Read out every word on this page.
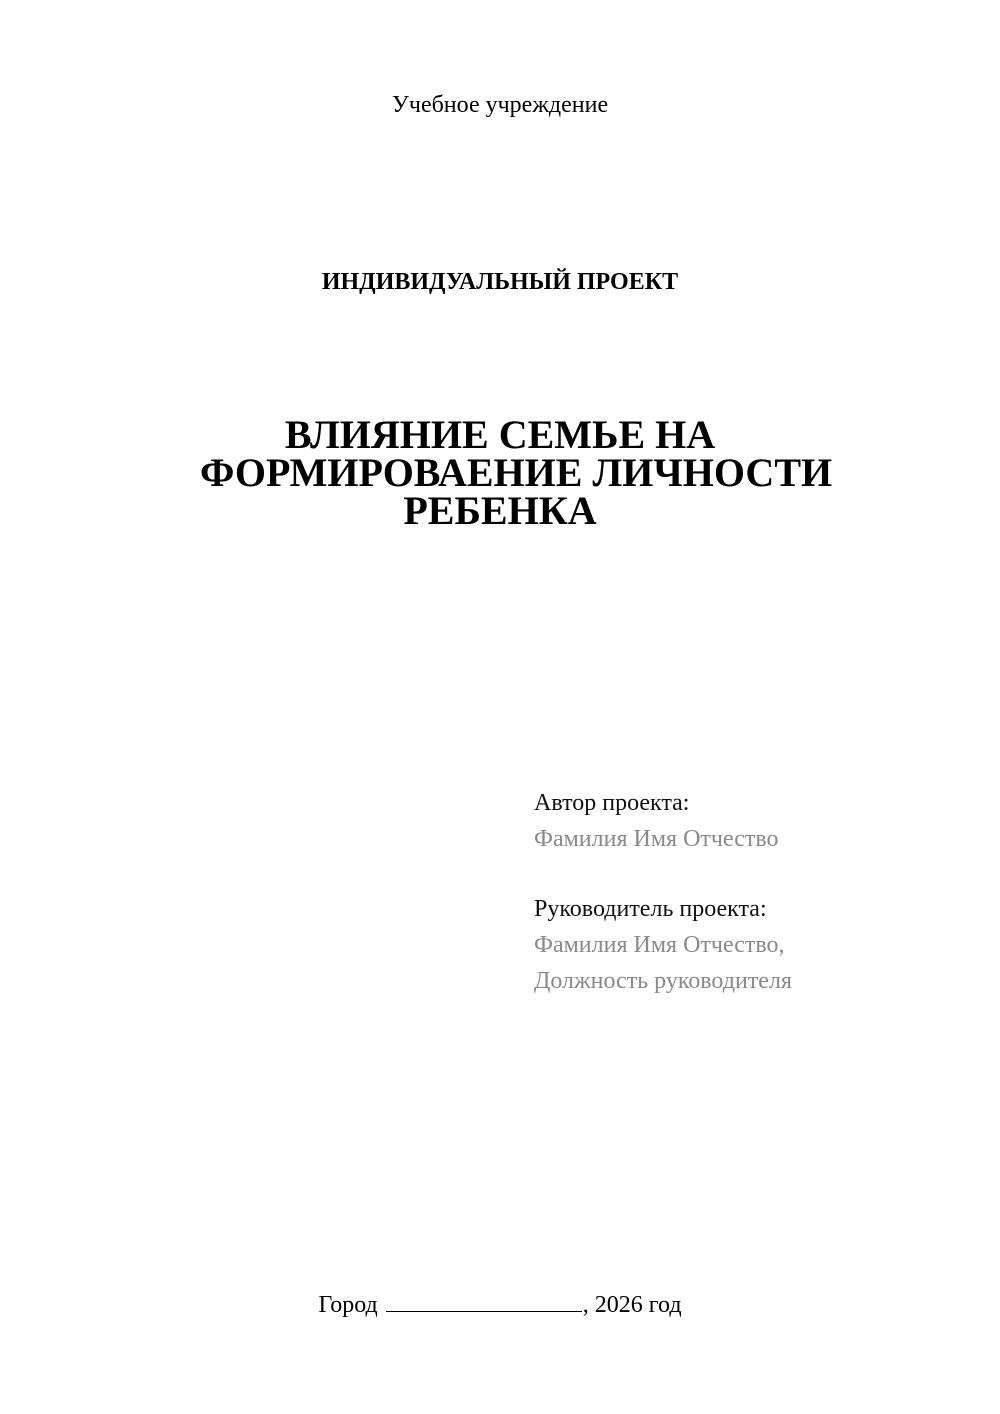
Учебное учреждение
ИНДИВИДУАЛЬНЫЙ ПРОЕКТ
ВЛИЯНИЕ СЕМЬЕ НА
ФОРМИРОВАЕНИЕ ЛИЧНОСТИ
РЕБЕНКА
Автор проекта:
Фамилия Имя Отчество
Руководитель проекта:
Фамилия Имя Отчество,
Должность руководителя
Город	, 2026 год
